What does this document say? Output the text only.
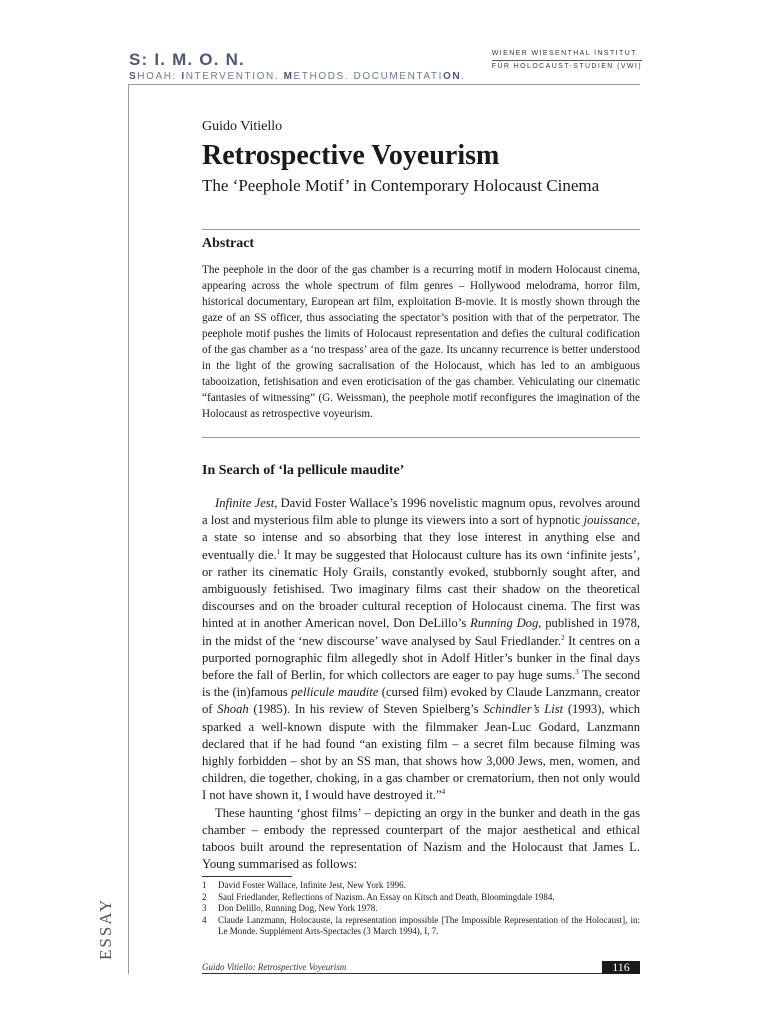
S: I. M. O. N.
SHOAH: INTERVENTION. METHODS. DOCUMENTATION.
WIENER WIESENTHAL INSTITUT
FÜR HOLOCAUST-STUDIEN (VWI)
ESSAY
Guido Vitiello
Retrospective Voyeurism
The ‘Peephole Motif’ in Contemporary Holocaust Cinema
Abstract
The peephole in the door of the gas chamber is a recurring motif in modern Holocaust cinema, appearing across the whole spectrum of film genres – Hollywood melodrama, horror film, historical documentary, European art film, exploitation B-movie. It is mostly shown through the gaze of an SS officer, thus associating the spectator’s position with that of the perpetrator. The peephole motif pushes the limits of Holocaust representation and defies the cultural codification of the gas chamber as a ‘no trespass’ area of the gaze. Its uncanny recurrence is better understood in the light of the growing sacralisation of the Holocaust, which has led to an ambiguous tabooization, fetishisation and even eroticisation of the gas chamber. Vehiculating our cinematic “fantasies of witnessing” (G. Weissman), the peephole motif reconfigures the imagination of the Holocaust as retrospective voyeurism.
In Search of ‘la pellicule maudite’

Infinite Jest, David Foster Wallace’s 1996 novelistic magnum opus, revolves around a lost and mysterious film able to plunge its viewers into a sort of hypnotic jouissance, a state so intense and so absorbing that they lose interest in anything else and eventually die.$^1$ It may be suggested that Holocaust culture has its own ‘infinite jests’, or rather its cinematic Holy Grails, constantly evoked, stubbornly sought after, and ambiguously fetishised. Two imaginary films cast their shadow on the theoretical discourses and on the broader cultural reception of Holocaust cinema. The first was hinted at in another American novel, Don DeLillo’s Running Dog, published in 1978, in the midst of the ‘new discourse’ wave analysed by Saul Friedlander.$^2$ It centres on a purported pornographic film allegedly shot in Adolf Hitler’s bunker in the final days before the fall of Berlin, for which collectors are eager to pay huge sums.$^3$ The second is the (in)famous pellicule maudite (cursed film) evoked by Claude Lanzmann, creator of Shoah (1985). In his review of Steven Spielberg’s Schindler’s List (1993), which sparked a well-known dispute with the filmmaker Jean-Luc Godard, Lanzmann declared that if he had found “an existing film – a secret film because filming was highly forbidden – shot by an SS man, that shows how 3,000 Jews, men, women, and children, die together, choking, in a gas chamber or crematorium, then not only would I not have shown it, I would have destroyed it.”$^4$

These haunting ‘ghost films’ – depicting an orgy in the bunker and death in the gas chamber – embody the repressed counterpart of the major aesthetical and ethical taboos built around the representation of Nazism and the Holocaust that James L. Young summarised as follows:

1	David Foster Wallace, Infinite Jest, New York 1996.
2	Saul Friedlander, Reflections of Nazism. An Essay on Kitsch and Death, Bloomingdale 1984.
3	Don Delillo, Running Dog, New York 1978.
4	Claude Lanzmann, Holocauste, la representation impossible [The Impossible Representation of the Holocaust], in: Le Monde. Supplément Arts-Spectacles (3 March 1994), I, 7.
Guido Vitiello: Retrospective Voyeurism	116
